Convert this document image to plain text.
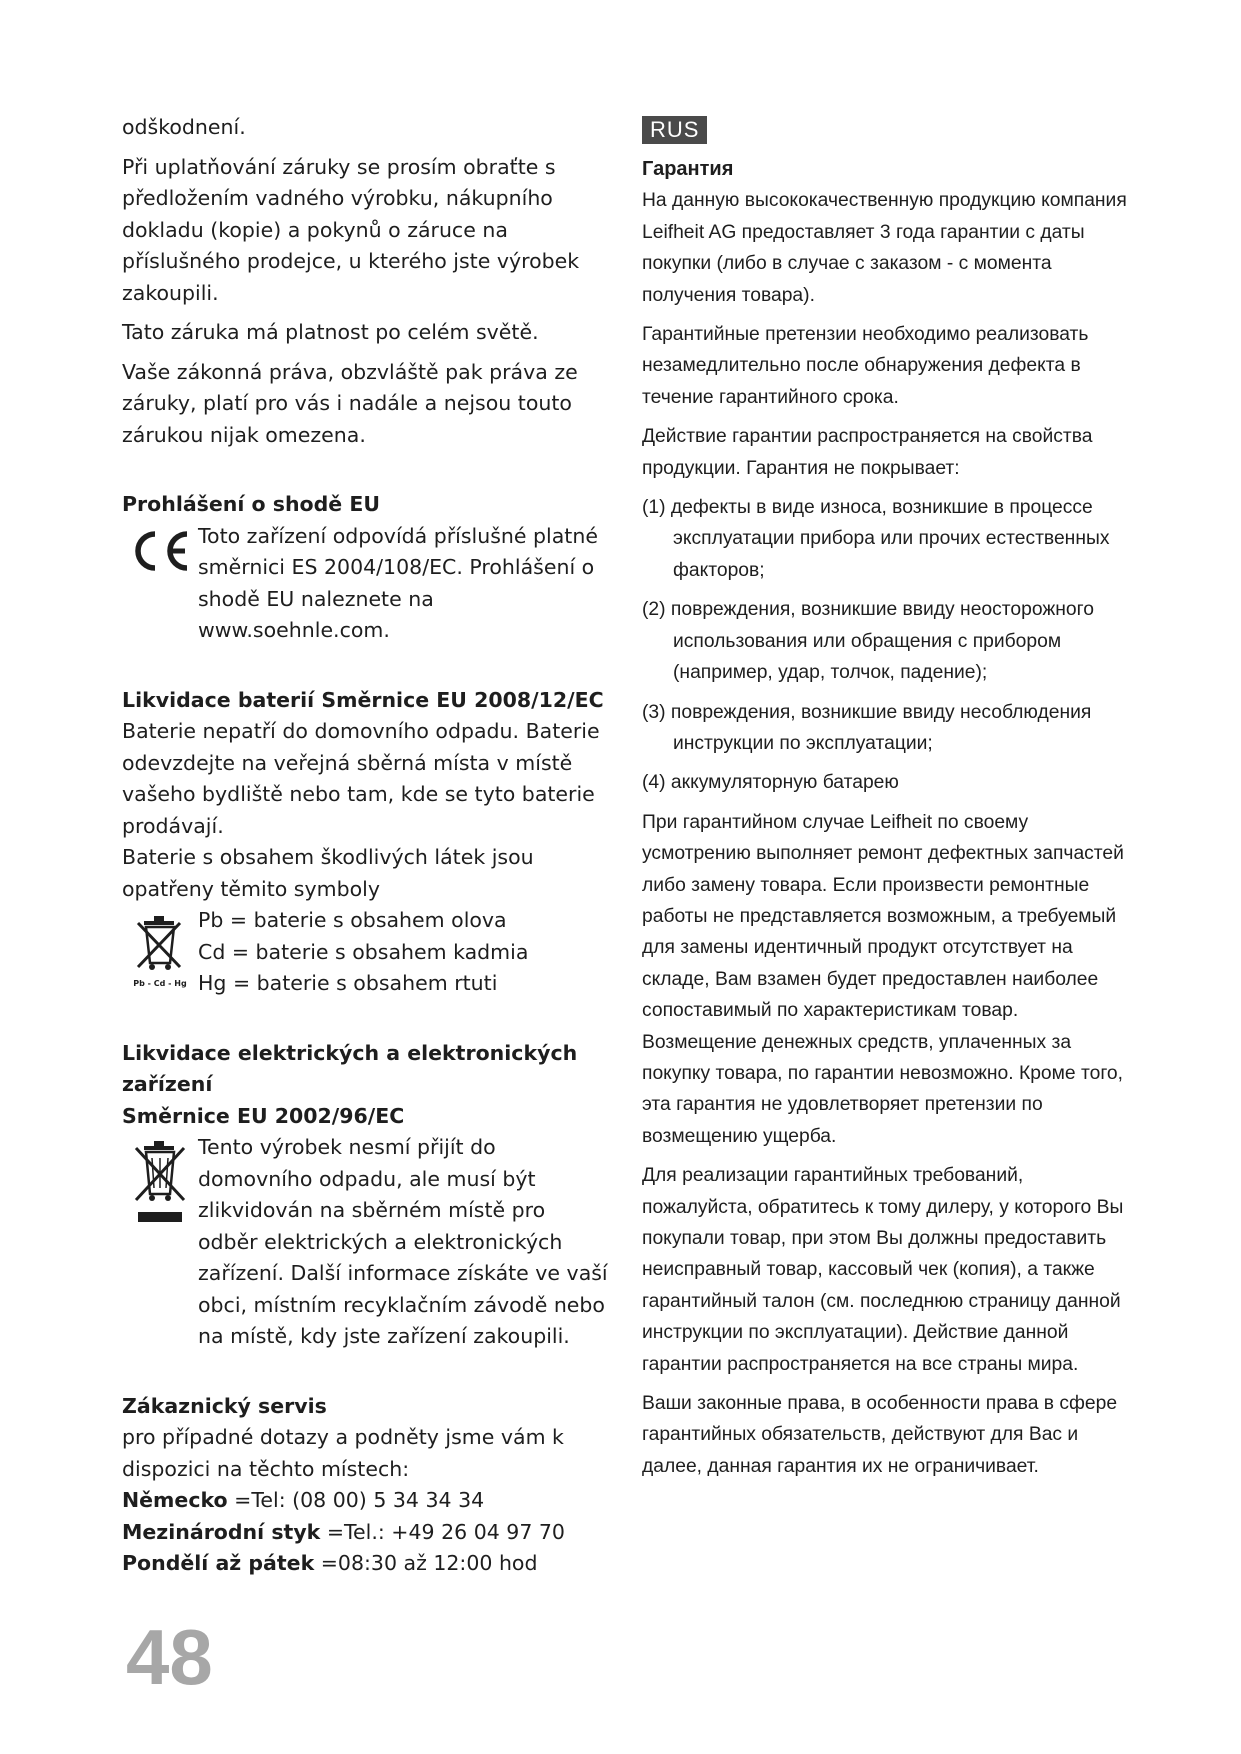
odškodnení.

Při uplatňování záruky se prosím obraťte s předložením vadného výrobku, nákupního dokladu (kopie) a pokynů o záruce na příslušného prodejce, u kterého jste výrobek zakoupili.

Tato záruka má platnost po celém světě.

Vaše zákonná práva, obzvláště pak práva ze záruky, platí pro vás i nadále a nejsou touto zárukou nijak omezena.

Prohlášení o shodě EU
Toto zařízení odpovídá příslušné platné směrnici ES 2004/108/EC. Prohlášení o shodě EU naleznete na www.soehnle.com.
Likvidace baterií Směrnice EU 2008/12/EC

Baterie nepatří do domovního odpadu. Baterie odevzdejte na veřejná sběrná místa v místě vašeho bydliště nebo tam, kde se tyto baterie prodávají.

Baterie s obsahem škodlivých látek jsou opatřeny těmito symboly

Pb - Cd - Hg
Pb = baterie s obsahem olova
Cd = baterie s obsahem kadmia
Hg = baterie s obsahem rtuti
Likvidace elektrických a elektronických zařízení
Směrnice EU 2002/96/EC
Tento výrobek nesmí přijít do domovního odpadu, ale musí být zlikvidován na sběrném místě pro odběr elektrických a elektronických zařízení. Další informace získáte ve vaší obci, místním recyklačním závodě nebo na místě, kdy jste zařízení zakoupili.
Zákaznický servis

pro případné dotazy a podněty jsme vám k dispozici na těchto místech:

Německo =Tel: (08 00) 5 34 34 34
Mezinárodní styk =Tel.: +49 26 04 97 70
Pondělí až pátek =08:30 až 12:00 hod
RUS
Гарантия

На данную высококачественную продукцию компания Leifheit AG предоставляет 3 года гарантии с даты покупки (либо в случае с заказом - с момента получения товара).

Гарантийные претензии необходимо реализовать незамедлительно после обнаружения дефекта в течение гарантийного срока.

Действие гарантии распространяется на свойства продукции. Гарантия не покрывает:

(1) дефекты в виде износа, возникшие в процессе эксплуатации прибора или прочих естественных факторов;

(2) повреждения, возникшие ввиду неосторожного использования или обращения с прибором (например, удар, толчок, падение);

(3) повреждения, возникшие ввиду несоблюдения инструкции по эксплуатации;

(4) аккумуляторную батарею

При гарантийном случае Leifheit по своему усмотрению выполняет ремонт дефектных запчастей либо замену товара. Если произвести ремонтные работы не представляется возможным, а требуемый для замены идентичный продукт отсутствует на складе, Вам взамен будет предоставлен наиболее сопоставимый по характеристикам товар. Возмещение денежных средств, уплаченных за покупку товара, по гарантии невозможно. Кроме того, эта гарантия не удовлетворяет претензии по возмещению ущерба.

Для реализации гарантийных требований, пожалуйста, обратитесь к тому дилеру, у которого Вы покупали товар, при этом Вы должны предоставить неисправный товар, кассовый чек (копия), а также гарантийный талон (см. последнюю страницу данной инструкции по эксплуатации). Действие данной гарантии распространяется на все страны мира.

Ваши законные права, в особенности права в сфере гарантийных обязательств, действуют для Вас и далее, данная гарантия их не ограничивает.

48
